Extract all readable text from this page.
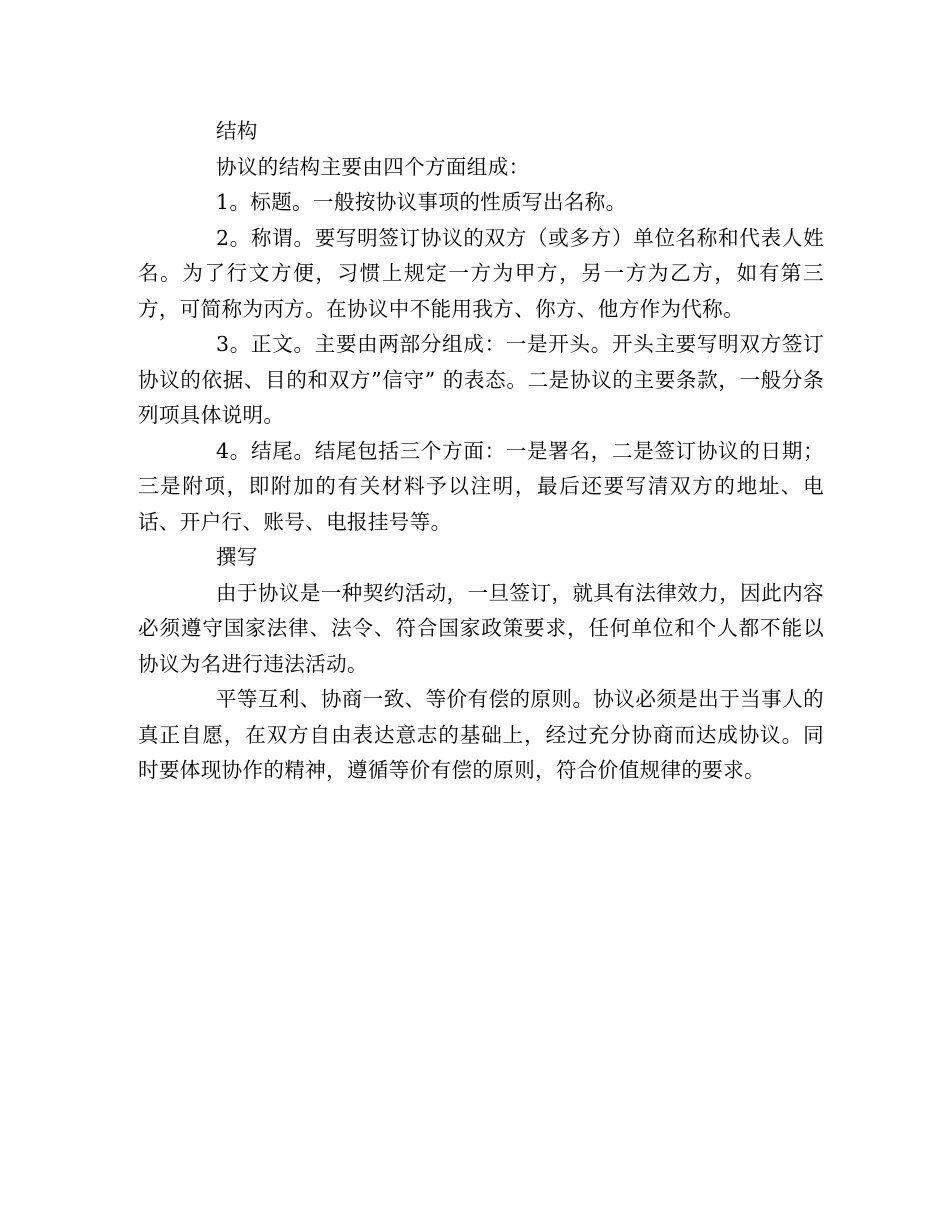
结构

协议的结构主要由四个方面组成：

1。标题。一般按协议事项的性质写出名称。

2。称谓。要写明签订协议的双方（或多方）单位名称和代表人姓名。为了行文方便，习惯上规定一方为甲方，另一方为乙方，如有第三方，可简称为丙方。在协议中不能用我方、你方、他方作为代称。

3。正文。主要由两部分组成：一是开头。开头主要写明双方签订协议的依据、目的和双方”信守” 的表态。二是协议的主要条款，一般分条列项具体说明。

4。结尾。结尾包括三个方面：一是署名，二是签订协议的日期；三是附项，即附加的有关材料予以注明，最后还要写清双方的地址、电话、开户行、账号、电报挂号等。

撰写

由于协议是一种契约活动，一旦签订，就具有法律效力，因此内容必须遵守国家法律、法令、符合国家政策要求，任何单位和个人都不能以协议为名进行违法活动。

平等互利、协商一致、等价有偿的原则。协议必须是出于当事人的真正自愿，在双方自由表达意志的基础上，经过充分协商而达成协议。同时要体现协作的精神，遵循等价有偿的原则，符合价值规律的要求。
